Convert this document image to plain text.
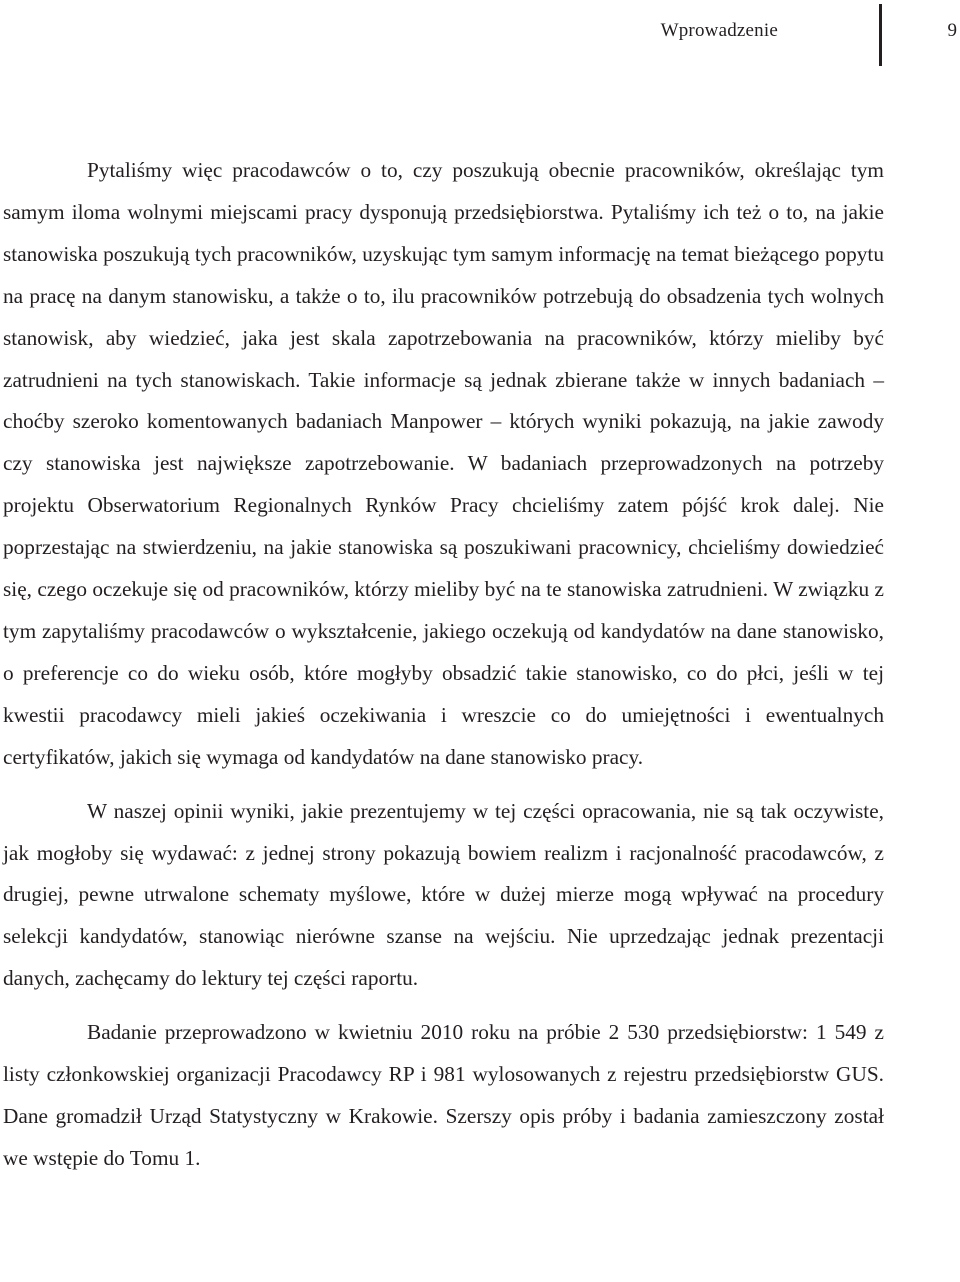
Wprowadzenie	9

Pytaliśmy więc pracodawców o to, czy poszukują obecnie pracowników, określając tym samym iloma wolnymi miejscami pracy dysponują przedsiębiorstwa. Pytaliśmy ich też o to, na jakie stanowiska poszukują tych pracowników, uzyskując tym samym informację na temat bieżącego popytu na pracę na danym stanowisku, a także o to, ilu pracowników potrzebują do obsadzenia tych wolnych stanowisk, aby wiedzieć, jaka jest skala zapotrzebowania na pracowników, którzy mieliby być zatrudnieni na tych stanowiskach. Takie informacje są jednak zbierane także w innych badaniach – choćby szeroko komentowanych badaniach Manpower – których wyniki pokazują, na jakie zawody czy stanowiska jest największe zapotrzebowanie. W badaniach przeprowadzonych na potrzeby projektu Obserwatorium Regionalnych Rynków Pracy chcieliśmy zatem pójść krok dalej. Nie poprzestając na stwierdzeniu, na jakie stanowiska są poszukiwani pracownicy, chcieliśmy dowiedzieć się, czego oczekuje się od pracowników, którzy mieliby być na te stanowiska zatrudnieni. W związku z tym zapytaliśmy pracodawców o wykształcenie, jakiego oczekują od kandydatów na dane stanowisko, o preferencje co do wieku osób, które mogłyby obsadzić takie stanowisko, co do płci, jeśli w tej kwestii pracodawcy mieli jakieś oczekiwania i wreszcie co do umiejętności i ewentualnych certyfikatów, jakich się wymaga od kandydatów na dane stanowisko pracy.

W naszej opinii wyniki, jakie prezentujemy w tej części opracowania, nie są tak oczywiste, jak mogłoby się wydawać: z jednej strony pokazują bowiem realizm i racjonalność pracodawców, z drugiej, pewne utrwalone schematy myślowe, które w dużej mierze mogą wpływać na procedury selekcji kandydatów, stanowiąc nierówne szanse na wejściu. Nie uprzedzając jednak prezentacji danych, zachęcamy do lektury tej części raportu.

Badanie przeprowadzono w kwietniu 2010 roku na próbie 2 530 przedsiębiorstw: 1 549 z listy członkowskiej organizacji Pracodawcy RP i 981 wylosowanych z rejestru przedsiębiorstw GUS. Dane gromadził Urząd Statystyczny w Krakowie. Szerszy opis próby i badania zamieszczony został we wstępie do Tomu 1.
